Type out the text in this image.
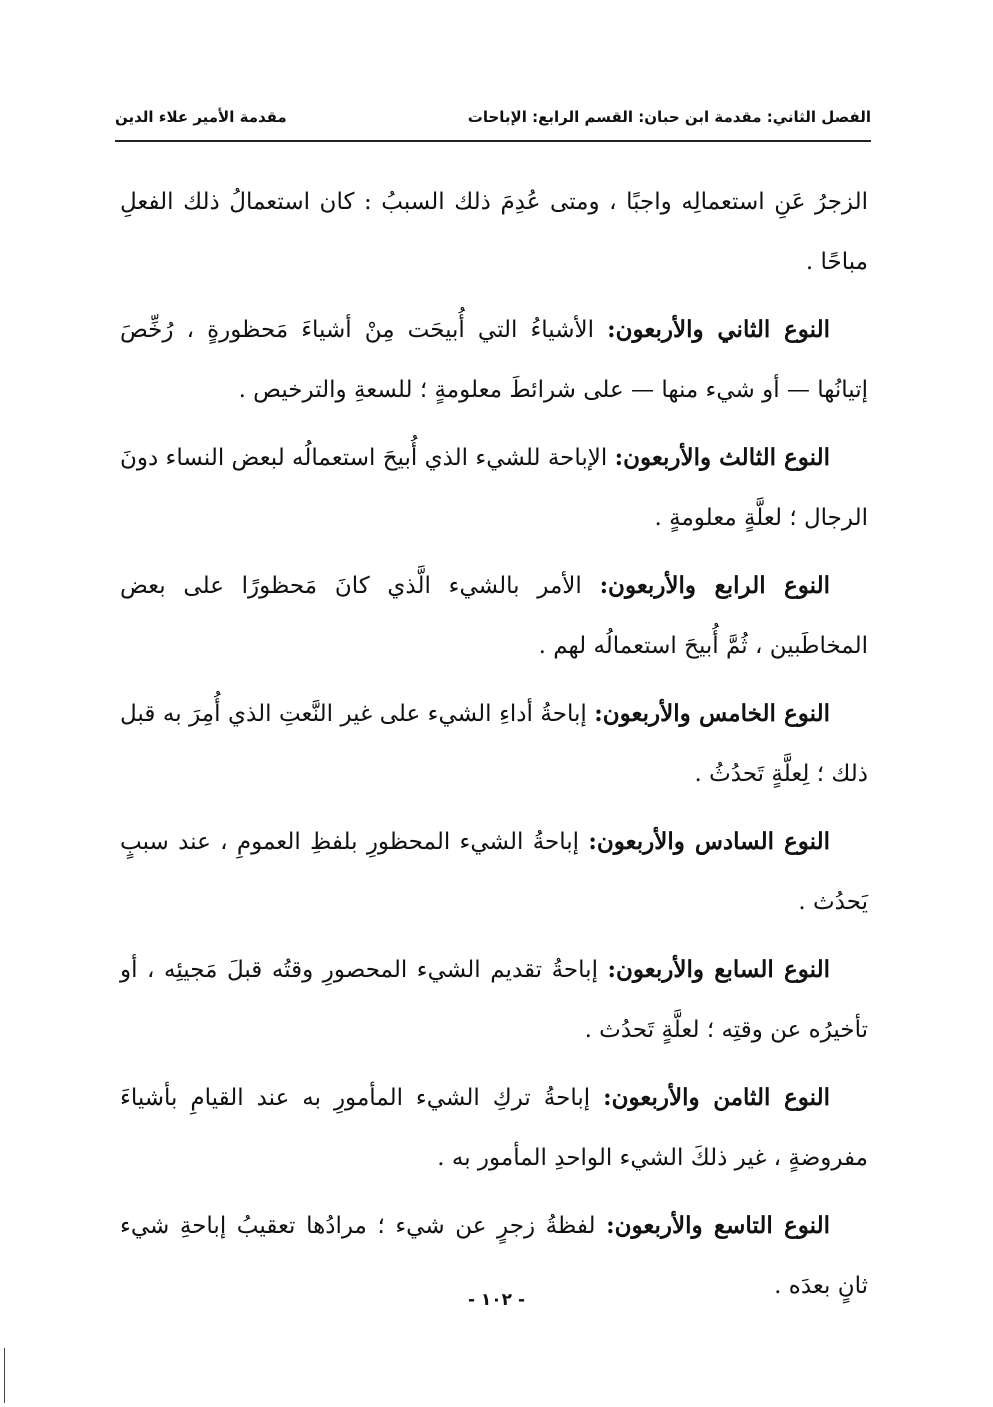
الفصل الثاني: مقدمة ابن حبان: القسم الرابع: الإباحات
مقدمة الأمير علاء الدين

الزجرُ عَنِ استعمالِه واجبًا ، ومتى عُدِمَ ذلك السببُ : كان استعمالُ ذلك الفعلِ مباحًا .

النوع الثاني والأربعون: الأشياءُ التي أُبيحَت مِنْ أشياءَ مَحظورةٍ ، رُخِّصَ إتيانُها — أو شيء منها — على شرائطَ معلومةٍ ؛ للسعةِ والترخيص .

النوع الثالث والأربعون: الإباحة للشيء الذي أُبيحَ استعمالُه لبعض النساء دونَ الرجال ؛ لعلَّةٍ معلومةٍ .

النوع الرابع والأربعون: الأمر بالشيء الَّذي كانَ مَحظورًا على بعض المخاطَبين ، ثُمَّ أُبيحَ استعمالُه لهم .

النوع الخامس والأربعون: إباحةُ أداءِ الشيء على غير النَّعتِ الذي أُمِرَ به قبل ذلك ؛ لِعلَّةٍ تَحدُثُ .

النوع السادس والأربعون: إباحةُ الشيء المحظورِ بلفظِ العمومِ ، عند سببٍ يَحدُث .

النوع السابع والأربعون: إباحةُ تقديم الشيء المحصورِ وقتُه قبلَ مَجيئِه ، أو تأخيرُه عن وقتِه ؛ لعلَّةٍ تَحدُث .

النوع الثامن والأربعون: إباحةُ تركِ الشيء المأمورِ به عند القيامِ بأشياءَ مفروضةٍ ، غير ذلكَ الشيء الواحدِ المأمور به .

النوع التاسع والأربعون: لفظةُ زجرٍ عن شيء ؛ مرادُها تعقيبُ إباحةِ شيء ثانٍ بعدَه .

- ١٠٢ -
